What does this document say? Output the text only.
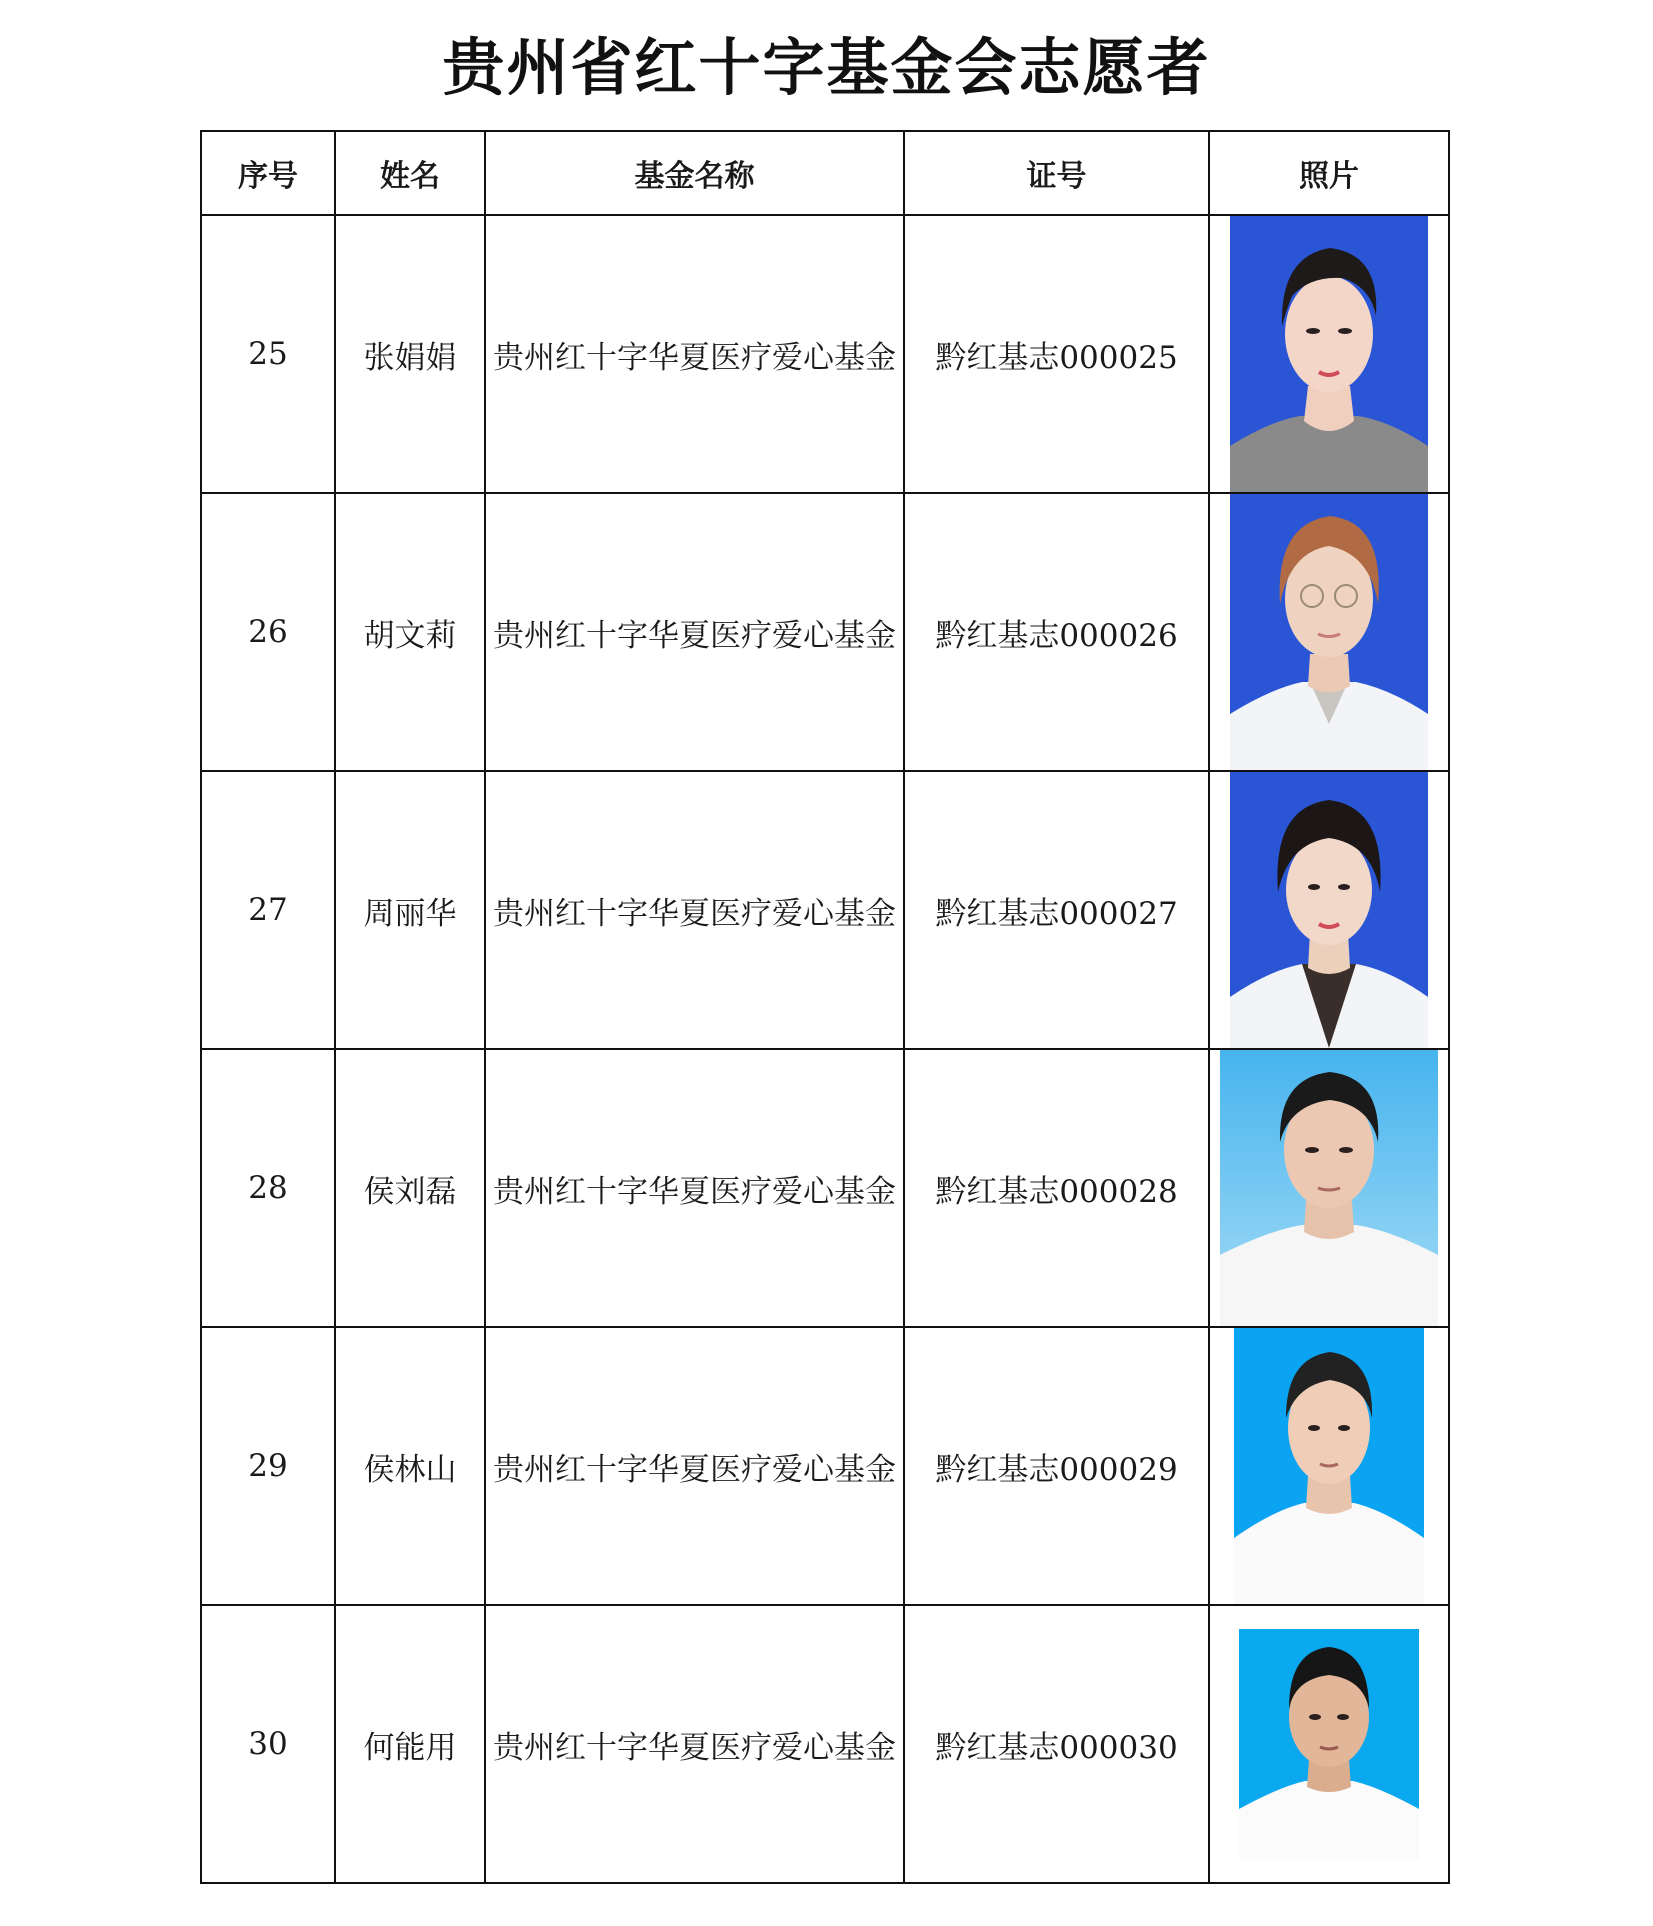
贵州省红十字基金会志愿者
序号	姓名	基金名称	证号	照片
25	张娟娟	贵州红十字华夏医疗爱心基金	黔红基志000025	

26	胡文莉	贵州红十字华夏医疗爱心基金	黔红基志000026	

27	周丽华	贵州红十字华夏医疗爱心基金	黔红基志000027	

28	侯刘磊	贵州红十字华夏医疗爱心基金	黔红基志000028	

29	侯林山	贵州红十字华夏医疗爱心基金	黔红基志000029	

30	何能用	贵州红十字华夏医疗爱心基金	黔红基志000030	
